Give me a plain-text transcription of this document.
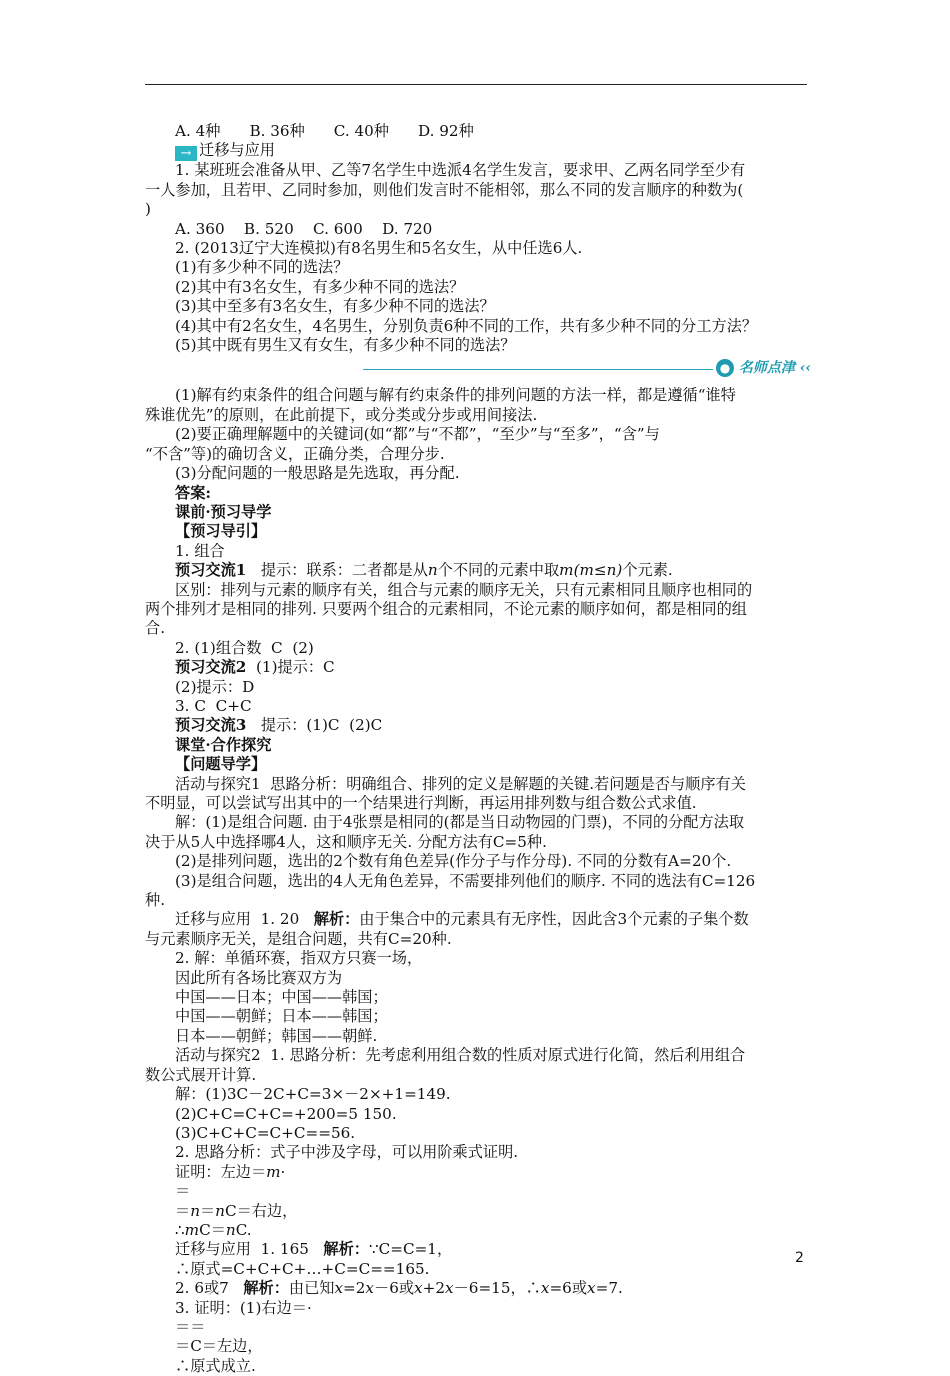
A. 4种      B. 36种      C. 40种      D. 92种
→ 迁移与应用
1. 某班班会准备从甲、乙等7名学生中选派4名学生发言，要求甲、乙两名同学至少有
一人参加，且若甲、乙同时参加，则他们发言时不能相邻，那么不同的发言顺序的种数为(
)
A. 360    B. 520    C. 600    D. 720
2. (2013辽宁大连模拟)有8名男生和5名女生，从中任选6人.
(1)有多少种不同的选法？
(2)其中有3名女生，有多少种不同的选法？
(3)其中至多有3名女生，有多少种不同的选法？
(4)其中有2名女生，4名男生，分别负责6种不同的工作，共有多少种不同的分工方法？
(5)其中既有男生又有女生，有多少种不同的选法？
● 名师点津 ‹‹
(1)解有约束条件的组合问题与解有约束条件的排列问题的方法一样，都是遵循“谁特
殊谁优先”的原则，在此前提下，或分类或分步或用间接法.
(2)要正确理解题中的关键词(如“都”与“不都”，“至少”与“至多”，“含”与
“不含”等)的确切含义，正确分类，合理分步.
(3)分配问题的一般思路是先选取，再分配.
答案:
课前·预习导学
【预习导引】
1. 组合
预习交流1 提示：联系：二者都是从n个不同的元素中取m(m≤n)个元素.
区别：排列与元素的顺序有关，组合与元素的顺序无关，只有元素相同且顺序也相同的
两个排列才是相同的排列. 只要两个组合的元素相同，不论元素的顺序如何，都是相同的组
合.
2. (1)组合数  C  (2)
预习交流2 (1)提示：C
(2)提示：D
3. C  C+C
预习交流3 提示：(1)C  (2)C
课堂·合作探究
【问题导学】
活动与探究1  思路分析：明确组合、排列的定义是解题的关键.若问题是否与顺序有关
不明显，可以尝试写出其中的一个结果进行判断，再运用排列数与组合数公式求值.
解：(1)是组合问题. 由于4张票是相同的(都是当日动物园的门票)，不同的分配方法取
决于从5人中选择哪4人，这和顺序无关. 分配方法有C=5种.
(2)是排列问题，选出的2个数有角色差异(作分子与作分母). 不同的分数有A=20个.
(3)是组合问题，选出的4人无角色差异，不需要排列他们的顺序. 不同的选法有C=126
种.
迁移与应用  1. 20 解析：由于集合中的元素具有无序性，因此含3个元素的子集个数
与元素顺序无关，是组合问题，共有C=20种.
2. 解：单循环赛，指双方只赛一场，
因此所有各场比赛双方为
中国——日本；中国——韩国；
中国——朝鲜；日本——韩国；
日本——朝鲜；韩国——朝鲜.
活动与探究2  1. 思路分析：先考虑利用组合数的性质对原式进行化简，然后利用组合
数公式展开计算.
解：(1)3C－2C+C=3×－2×+1=149.
(2)C+C=C+C=+200=5 150.
(3)C+C+C=C+C==56.
2. 思路分析：式子中涉及字母，可以用阶乘式证明.
证明：左边＝m·
＝
＝n＝nC＝右边，
∴mC＝nC.
迁移与应用  1. 165 解析：∵C=C=1，
∴原式=C+C+C+…+C=C==165.
2. 6或7 解析：由已知x=2x－6或x+2x－6=15，∴x=6或x=7.
3. 证明：(1)右边＝·
＝＝
＝C＝左边，
∴原式成立.
2
